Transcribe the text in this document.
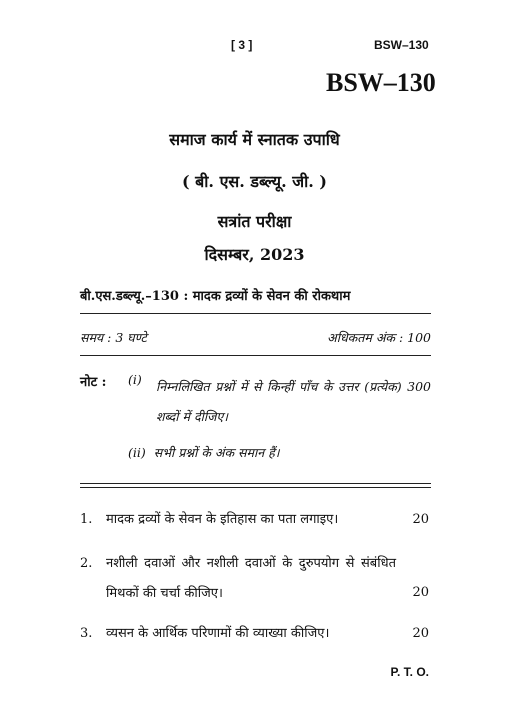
[ 3 ]	BSW–130
BSW–130
समाज कार्य में स्नातक उपाधि
( बी. एस. डब्ल्यू. जी. )
सत्रांत परीक्षा
दिसम्बर, 2023
बी.एस.डब्ल्यू.–130 : मादक द्रव्यों के सेवन की रोकथाम
समय : 3 घण्टे	अधिकतम अंक : 100
नोट : (i) निम्नलिखित प्रश्नों में से किन्हीं पाँच के उत्तर (प्रत्येक) 300 शब्दों में दीजिए।
(ii) सभी प्रश्नों के अंक समान हैं।
1. मादक द्रव्यों के सेवन के इतिहास का पता लगाइए।	20
2. नशीली दवाओं और नशीली दवाओं के दुरुपयोग से संबंधित मिथकों की चर्चा कीजिए।	20
3. व्यसन के आर्थिक परिणामों की व्याख्या कीजिए।	20
P. T. O.
